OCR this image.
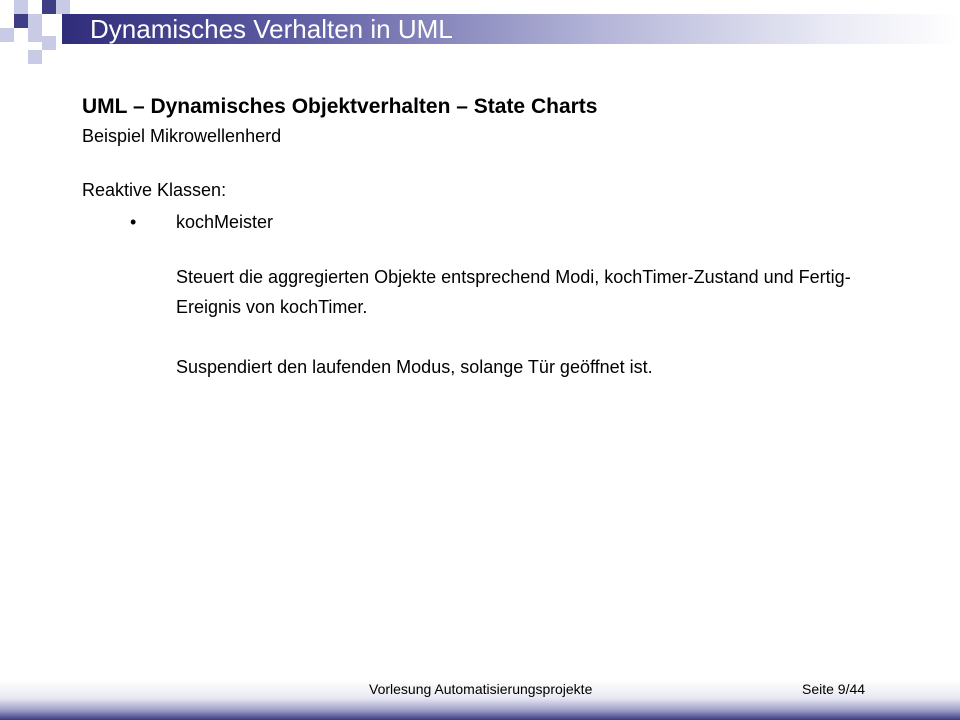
Dynamisches Verhalten in UML
UML – Dynamisches Objektverhalten – State Charts
Beispiel Mikrowellenherd
Reaktive Klassen:
• kochMeister
Steuert die aggregierten Objekte entsprechend Modi, kochTimer-Zustand und Fertig-Ereignis von kochTimer.
Suspendiert den laufenden Modus, solange Tür geöffnet ist.
Vorlesung Automatisierungsprojekte	Seite 9/44
